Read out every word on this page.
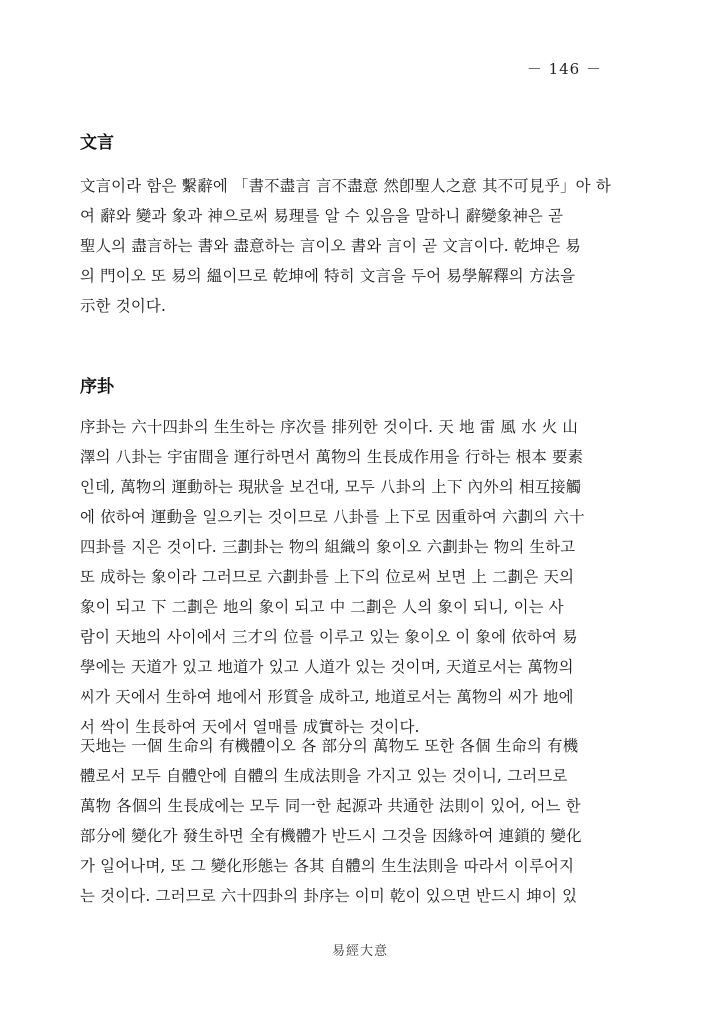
－ 146 －
文言
文言이라 함은 繫辭에 「書不盡言 言不盡意 然卽聖人之意 其不可見乎」아 하
여 辭와 變과 象과 神으로써 易理를 알 수 있음을 말하니 辭變象神은 곧
聖人의 盡言하는 書와 盡意하는 言이오 書와 言이 곧 文言이다. 乾坤은 易
의 門이오 또 易의 縕이므로 乾坤에 特히 文言을 두어 易學解釋의 方法을
示한 것이다.
序卦
序卦는 六十四卦의 生生하는 序次를 排列한 것이다. 天 地 雷 風 水 火 山
澤의 八卦는 宇宙間을 運行하면서 萬物의 生長成作用을 行하는 根本 要素
인데, 萬物의 運動하는 現狀을 보건대, 모두 八卦의 上下 內外의 相互接觸
에 依하여 運動을 일으키는 것이므로 八卦를 上下로 因重하여 六劃의 六十
四卦를 지은 것이다. 三劃卦는 物의 組織의 象이오 六劃卦는 物의 生하고
또 成하는 象이라 그러므로 六劃卦를 上下의 位로써 보면 上 二劃은 天의
象이 되고 下 二劃은 地의 象이 되고 中 二劃은 人의 象이 되니, 이는 사
람이 天地의 사이에서 三才의 位를 이루고 있는 象이오 이 象에 依하여 易
學에는 天道가 있고 地道가 있고 人道가 있는 것이며, 天道로서는 萬物의
씨가 天에서 生하여 地에서 形質을 成하고, 地道로서는 萬物의 씨가 地에
서 싹이 生長하여 天에서 열매를 成實하는 것이다.
天地는 一個 生命의 有機體이오 各 部分의 萬物도 또한 各個 生命의 有機
體로서 모두 自體안에 自體의 生成法則을 가지고 있는 것이니, 그러므로
萬物 各個의 生長成에는 모두 同一한 起源과 共通한 法則이 있어, 어느 한
部分에 變化가 發生하면 全有機體가 반드시 그것을 因緣하여 連鎖的 變化
가 일어나며, 또 그 變化形態는 各其 自體의 生生法則을 따라서 이루어지
는 것이다. 그러므로 六十四卦의 卦序는 이미 乾이 있으면 반드시 坤이 있
易經大意
